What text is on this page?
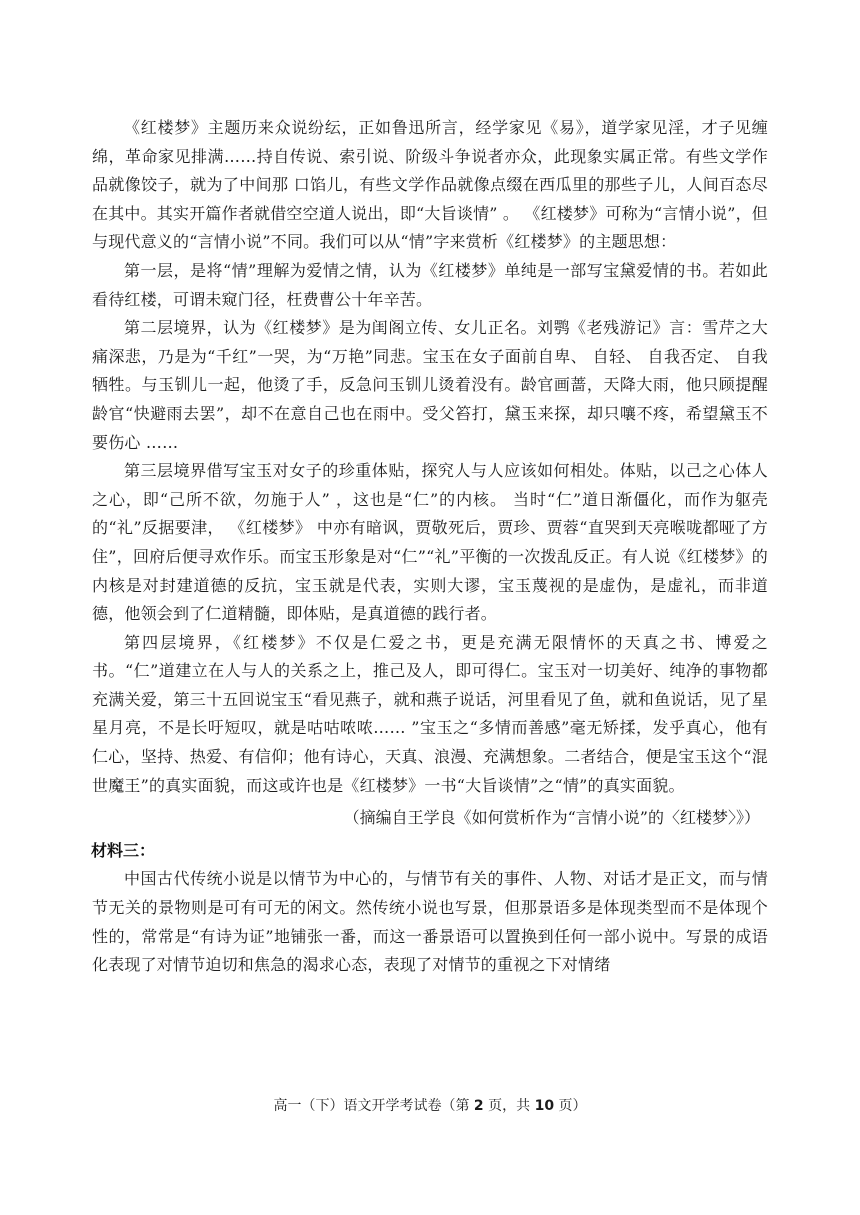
《红楼梦》主题历来众说纷纭，正如鲁迅所言，经学家见《易》，道学家见淫，才子见缠绵，革命家见排满……持自传说、索引说、阶级斗争说者亦众，此现象实属正常。有些文学作品就像饺子，就为了中间那 口馅儿，有些文学作品就像点缀在西瓜里的那些子儿，人间百态尽在其中。其实开篇作者就借空空道人说出，即“大旨谈情” 。 《红楼梦》可称为“言情小说”，但与现代意义的“言情小说”不同。我们可以从“情”字来赏析《红楼梦》的主题思想：

第一层，是将“情”理解为爱情之情，认为《红楼梦》单纯是一部写宝黛爱情的书。若如此看待红楼，可谓未窥门径，枉费曹公十年辛苦。

第二层境界，认为《红楼梦》是为闺阁立传、女儿正名。刘鹗《老残游记》言：雪芹之大痛深悲，乃是为“千红”一哭，为“万艳”同悲。宝玉在女子面前自卑、 自轻、 自我否定、 自我牺牲。与玉钏儿一起，他烫了手，反急问玉钏儿烫着没有。龄官画蔷，天降大雨，他只顾提醒龄官“快避雨去罢”，却不在意自己也在雨中。受父笞打，黛玉来探，却只嚷不疼，希望黛玉不要伤心 ……

第三层境界借写宝玉对女子的珍重体贴，探究人与人应该如何相处。体贴，以己之心体人之心，即“己所不欲，勿施于人” ，这也是“仁”的内核。 当时“仁”道日渐僵化，而作为躯壳的“礼”反据要津， 《红楼梦》 中亦有暗讽，贾敬死后，贾珍、贾蓉“直哭到天亮喉咙都哑了方住”，回府后便寻欢作乐。而宝玉形象是对“仁”“礼”平衡的一次拨乱反正。有人说《红楼梦》的内核是对封建道德的反抗，宝玉就是代表，实则大谬，宝玉蔑视的是虚伪，是虚礼，而非道德，他领会到了仁道精髓，即体贴，是真道德的践行者。

第四层境界，《红楼梦》不仅是仁爱之书，更是充满无限情怀的天真之书、博爱之书。“仁”道建立在人与人的关系之上，推己及人，即可得仁。宝玉对一切美好、纯净的事物都充满关爱，第三十五回说宝玉“看见燕子，就和燕子说话，河里看见了鱼，就和鱼说话，见了星星月亮，不是长吁短叹，就是咕咕哝哝…… ”宝玉之“多情而善感”毫无矫揉，发乎真心，他有仁心，坚持、热爱、有信仰；他有诗心，天真、浪漫、充满想象。二者结合，便是宝玉这个“混世魔王”的真实面貌，而这或许也是《红楼梦》一书“大旨谈情”之“情”的真实面貌。

（摘编自王学良《如何赏析作为“言情小说”的〈红楼梦〉》）

材料三：

中国古代传统小说是以情节为中心的，与情节有关的事件、人物、对话才是正文，而与情节无关的景物则是可有可无的闲文。然传统小说也写景，但那景语多是体现类型而不是体现个性的，常常是“有诗为证”地铺张一番，而这一番景语可以置换到任何一部小说中。写景的成语化表现了对情节迫切和焦急的渴求心态，表现了对情节的重视之下对情绪

高一（下）语文开学考试卷（第 2 页，共 10 页）
